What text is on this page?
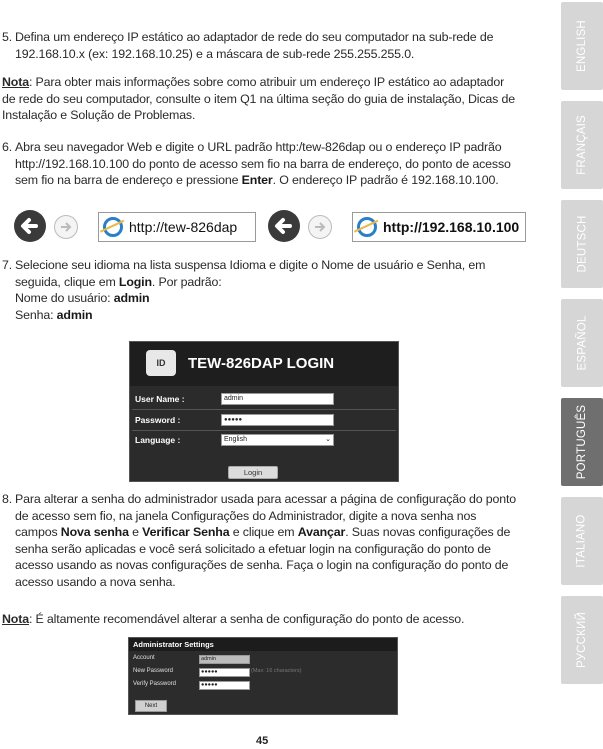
5. Defina um endereço IP estático ao adaptador de rede do seu computador na sub-rede de
192.168.10.x (ex: 192.168.10.25) e a máscara de sub-rede 255.255.255.0.
Nota: Para obter mais informações sobre como atribuir um endereço IP estático ao adaptador
de rede do seu computador, consulte o item Q1 na última seção do guia de instalação, Dicas de
Instalação e Solução de Problemas.
6. Abra seu navegador Web e digite o URL padrão http:/tew-826dap ou o endereço IP padrão
http://192.168.10.100 do ponto de acesso sem fio na barra de endereço, do ponto de acesso
sem fio na barra de endereço e pressione Enter. O endereço IP padrão é 192.168.10.100.
http://tew-826dap	http://192.168.10.100
7. Selecione seu idioma na lista suspensa Idioma e digite o Nome de usuário e Senha, em
seguida, clique em Login. Por padrão:
Nome do usuário: admin
Senha: admin
ID	TEW-826DAP LOGIN
User Name :	admin
Password :	●●●●●
Language :	English	⌄
Login
8. Para alterar a senha do administrador usada para acessar a página de configuração do ponto
de acesso sem fio, na janela Configurações do Administrador, digite a nova senha nos
campos Nova senha e Verificar Senha e clique em Avançar. Suas novas configurações de
senha serão aplicadas e você será solicitado a efetuar login na configuração do ponto de
acesso usando as novas configurações de senha. Faça o login na configuração do ponto de
acesso usando a nova senha.
Nota: É altamente recomendável alterar a senha de configuração do ponto de acesso.
Administrator Settings
Account	admin
New Password	●●●●●	(Max: 16 characters)
Verify Password	●●●●●
Next
ENGLISH
FRANÇAIS
DEUTSCH
ESPAÑOL
PORTUGUÊS
ITALIANO
РУССКИЙ
45
